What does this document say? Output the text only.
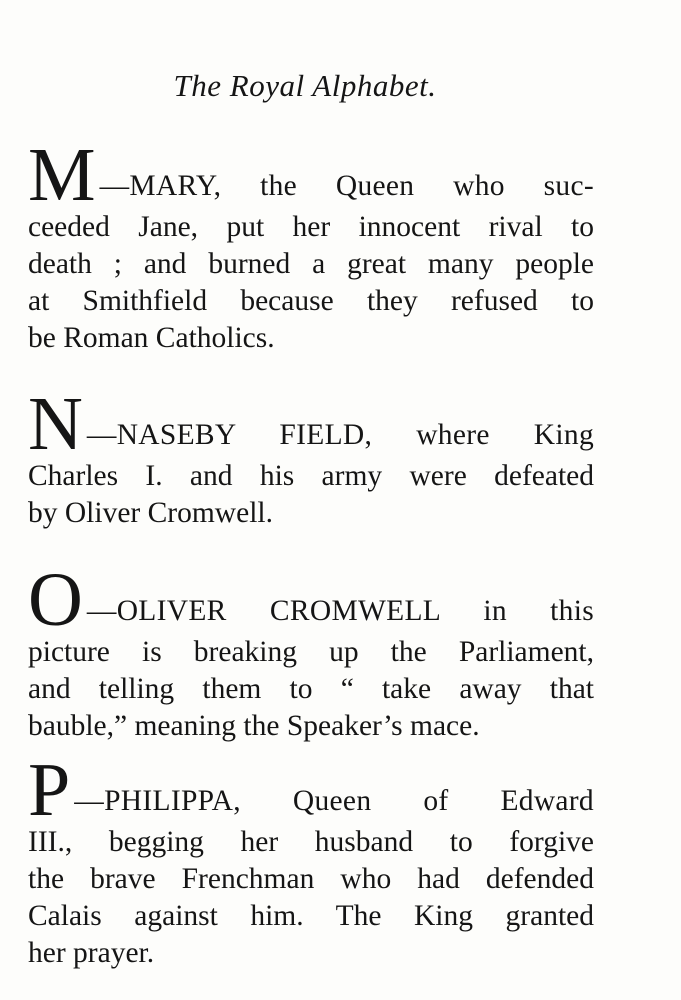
The Royal Alphabet.
M —MARY, the Queen who suc-
ceeded Jane, put her innocent rival to
death ; and burned a great many people
at Smithfield because they refused to
be Roman Catholics.
N —NASEBY FIELD, where King
Charles I. and his army were defeated
by Oliver Cromwell.
O —OLIVER CROMWELL in this
picture is breaking up the Parliament,
and telling them to “ take away that
bauble,” meaning the Speaker’s mace.
P —PHILIPPA, Queen of Edward
III., begging her husband to forgive
the brave Frenchman who had defended
Calais against him. The King granted
her prayer.
